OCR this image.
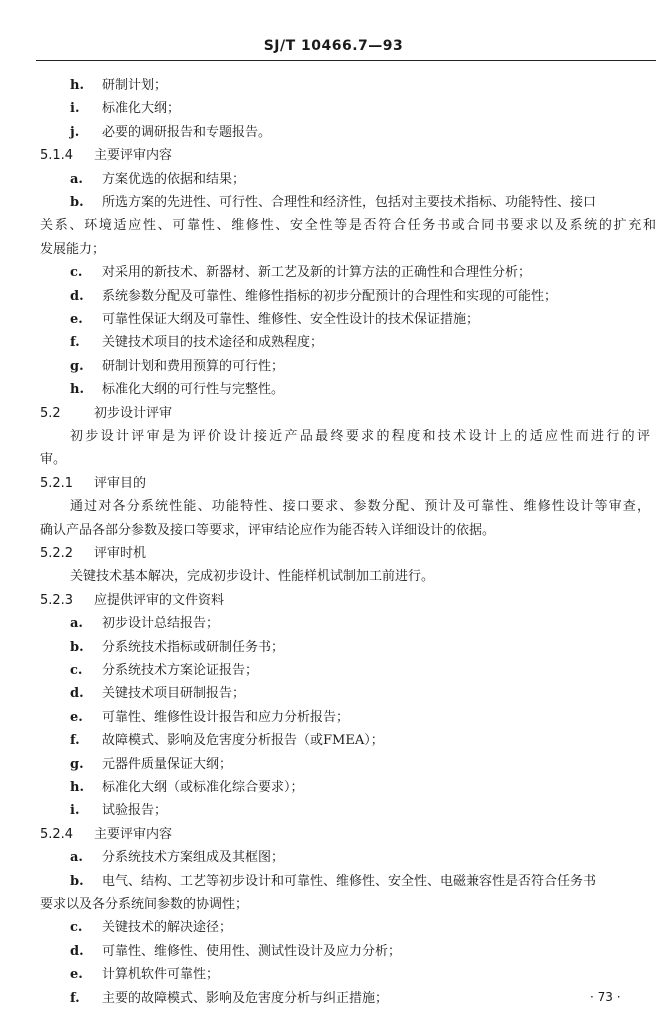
SJ/T 10466.7—93
h. 研制计划；
i. 标准化大纲；
j. 必要的调研报告和专题报告。
5.1.4 主要评审内容
a. 方案优选的依据和结果；
b. 所选方案的先进性、可行性、合理性和经济性，包括对主要技术指标、功能特性、接口
关系、环境适应性、可靠性、维修性、安全性等是否符合任务书或合同书要求以及系统的扩充和
发展能力；
c. 对采用的新技术、新器材、新工艺及新的计算方法的正确性和合理性分析；
d. 系统参数分配及可靠性、维修性指标的初步分配预计的合理性和实现的可能性；
e. 可靠性保证大纲及可靠性、维修性、安全性设计的技术保证措施；
f. 关键技术项目的技术途径和成熟程度；
g. 研制计划和费用预算的可行性；
h. 标准化大纲的可行性与完整性。
5.2	初步设计评审
初步设计评审是为评价设计接近产品最终要求的程度和技术设计上的适应性而进行的评
审。
5.2.1 评审目的
通过对各分系统性能、功能特性、接口要求、参数分配、预计及可靠性、维修性设计等审查，
确认产品各部分参数及接口等要求，评审结论应作为能否转入详细设计的依据。
5.2.2 评审时机
关键技术基本解决，完成初步设计、性能样机试制加工前进行。
5.2.3 应提供评审的文件资料
a. 初步设计总结报告；
b. 分系统技术指标或研制任务书；
c. 分系统技术方案论证报告；
d. 关键技术项目研制报告；
e. 可靠性、维修性设计报告和应力分析报告；
f. 故障模式、影响及危害度分析报告（或FMEA）；
g. 元器件质量保证大纲；
h. 标准化大纲（或标准化综合要求）；
i. 试验报告；
5.2.4 主要评审内容
a. 分系统技术方案组成及其框图；
b. 电气、结构、工艺等初步设计和可靠性、维修性、安全性、电磁兼容性是否符合任务书
要求以及各分系统间参数的协调性；
c. 关键技术的解决途径；
d. 可靠性、维修性、使用性、测试性设计及应力分析；
e. 计算机软件可靠性；
f. 主要的故障模式、影响及危害度分析与纠正措施；	· 73 ·
